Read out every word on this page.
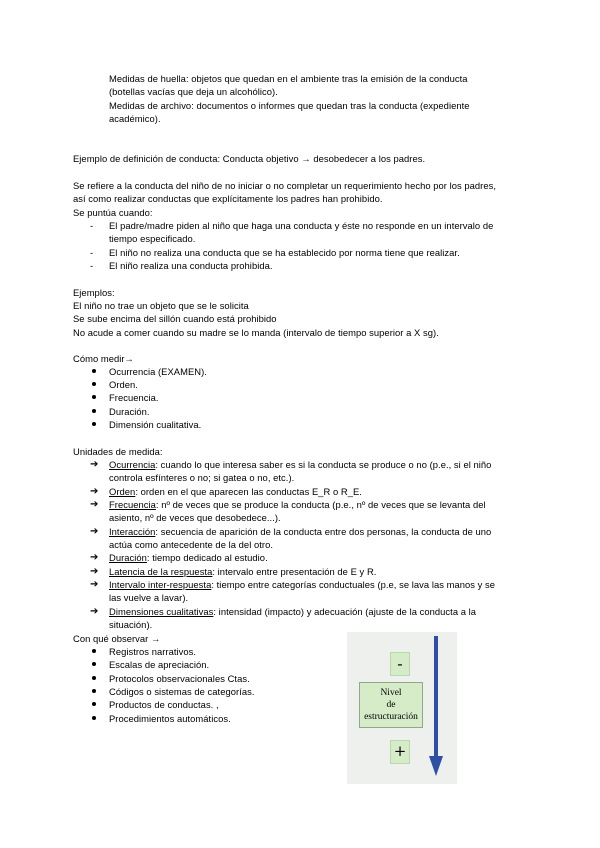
Medidas de huella: objetos que quedan en el ambiente tras la emisión de la conducta
(botellas vacías que deja un alcohólico).
Medidas de archivo: documentos o informes que quedan tras la conducta (expediente
académico).
Ejemplo de definición de conducta: Conducta objetivo → desobedecer a los padres.
Se refiere a la conducta del niño de no iniciar o no completar un requerimiento hecho por los padres,
así como realizar conductas que explícitamente los padres han prohibido.
Se puntúa cuando:
- El padre/madre piden al niño que haga una conducta y éste no responde en un intervalo de
tiempo especificado.
- El niño no realiza una conducta que se ha establecido por norma tiene que realizar.
- El niño realiza una conducta prohibida.
Ejemplos:
El niño no trae un objeto que se le solicita
Se sube encima del sillón cuando está prohibido
No acude a comer cuando su madre se lo manda (intervalo de tiempo superior a X sg).
Cómo medir→
Ocurrencia (EXAMEN).
Orden.
Frecuencia.
Duración.
Dimensión cualitativa.
Unidades de medida:
➔ Ocurrencia: cuando lo que interesa saber es si la conducta se produce o no (p.e., si el niño
controla esfínteres o no; si gatea o no, etc.).
➔ Orden: orden en el que aparecen las conductas E_R o R_E.
➔ Frecuencia: nº de veces que se produce la conducta (p.e., nº de veces que se levanta del
asiento, nº de veces que desobedece...).
➔ Interacción: secuencia de aparición de la conducta entre dos personas, la conducta de uno
actúa como antecedente de la del otro.
➔ Duración: tiempo dedicado al estudio.
➔ Latencia de la respuesta: intervalo entre presentación de E y R.
➔ Intervalo inter-respuesta: tiempo entre categorías conductuales (p.e, se lava las manos y se
las vuelve a lavar).
➔ Dimensiones cualitativas: intensidad (impacto) y adecuación (ajuste de la conducta a la
situación).
Con qué observar →
Registros narrativos.
Escalas de apreciación.
Protocolos observacionales Ctas.
Códigos o sistemas de categorías.
Productos de conductas. ,
Procedimientos automáticos.
-
Nivel
de
estructuración
+
